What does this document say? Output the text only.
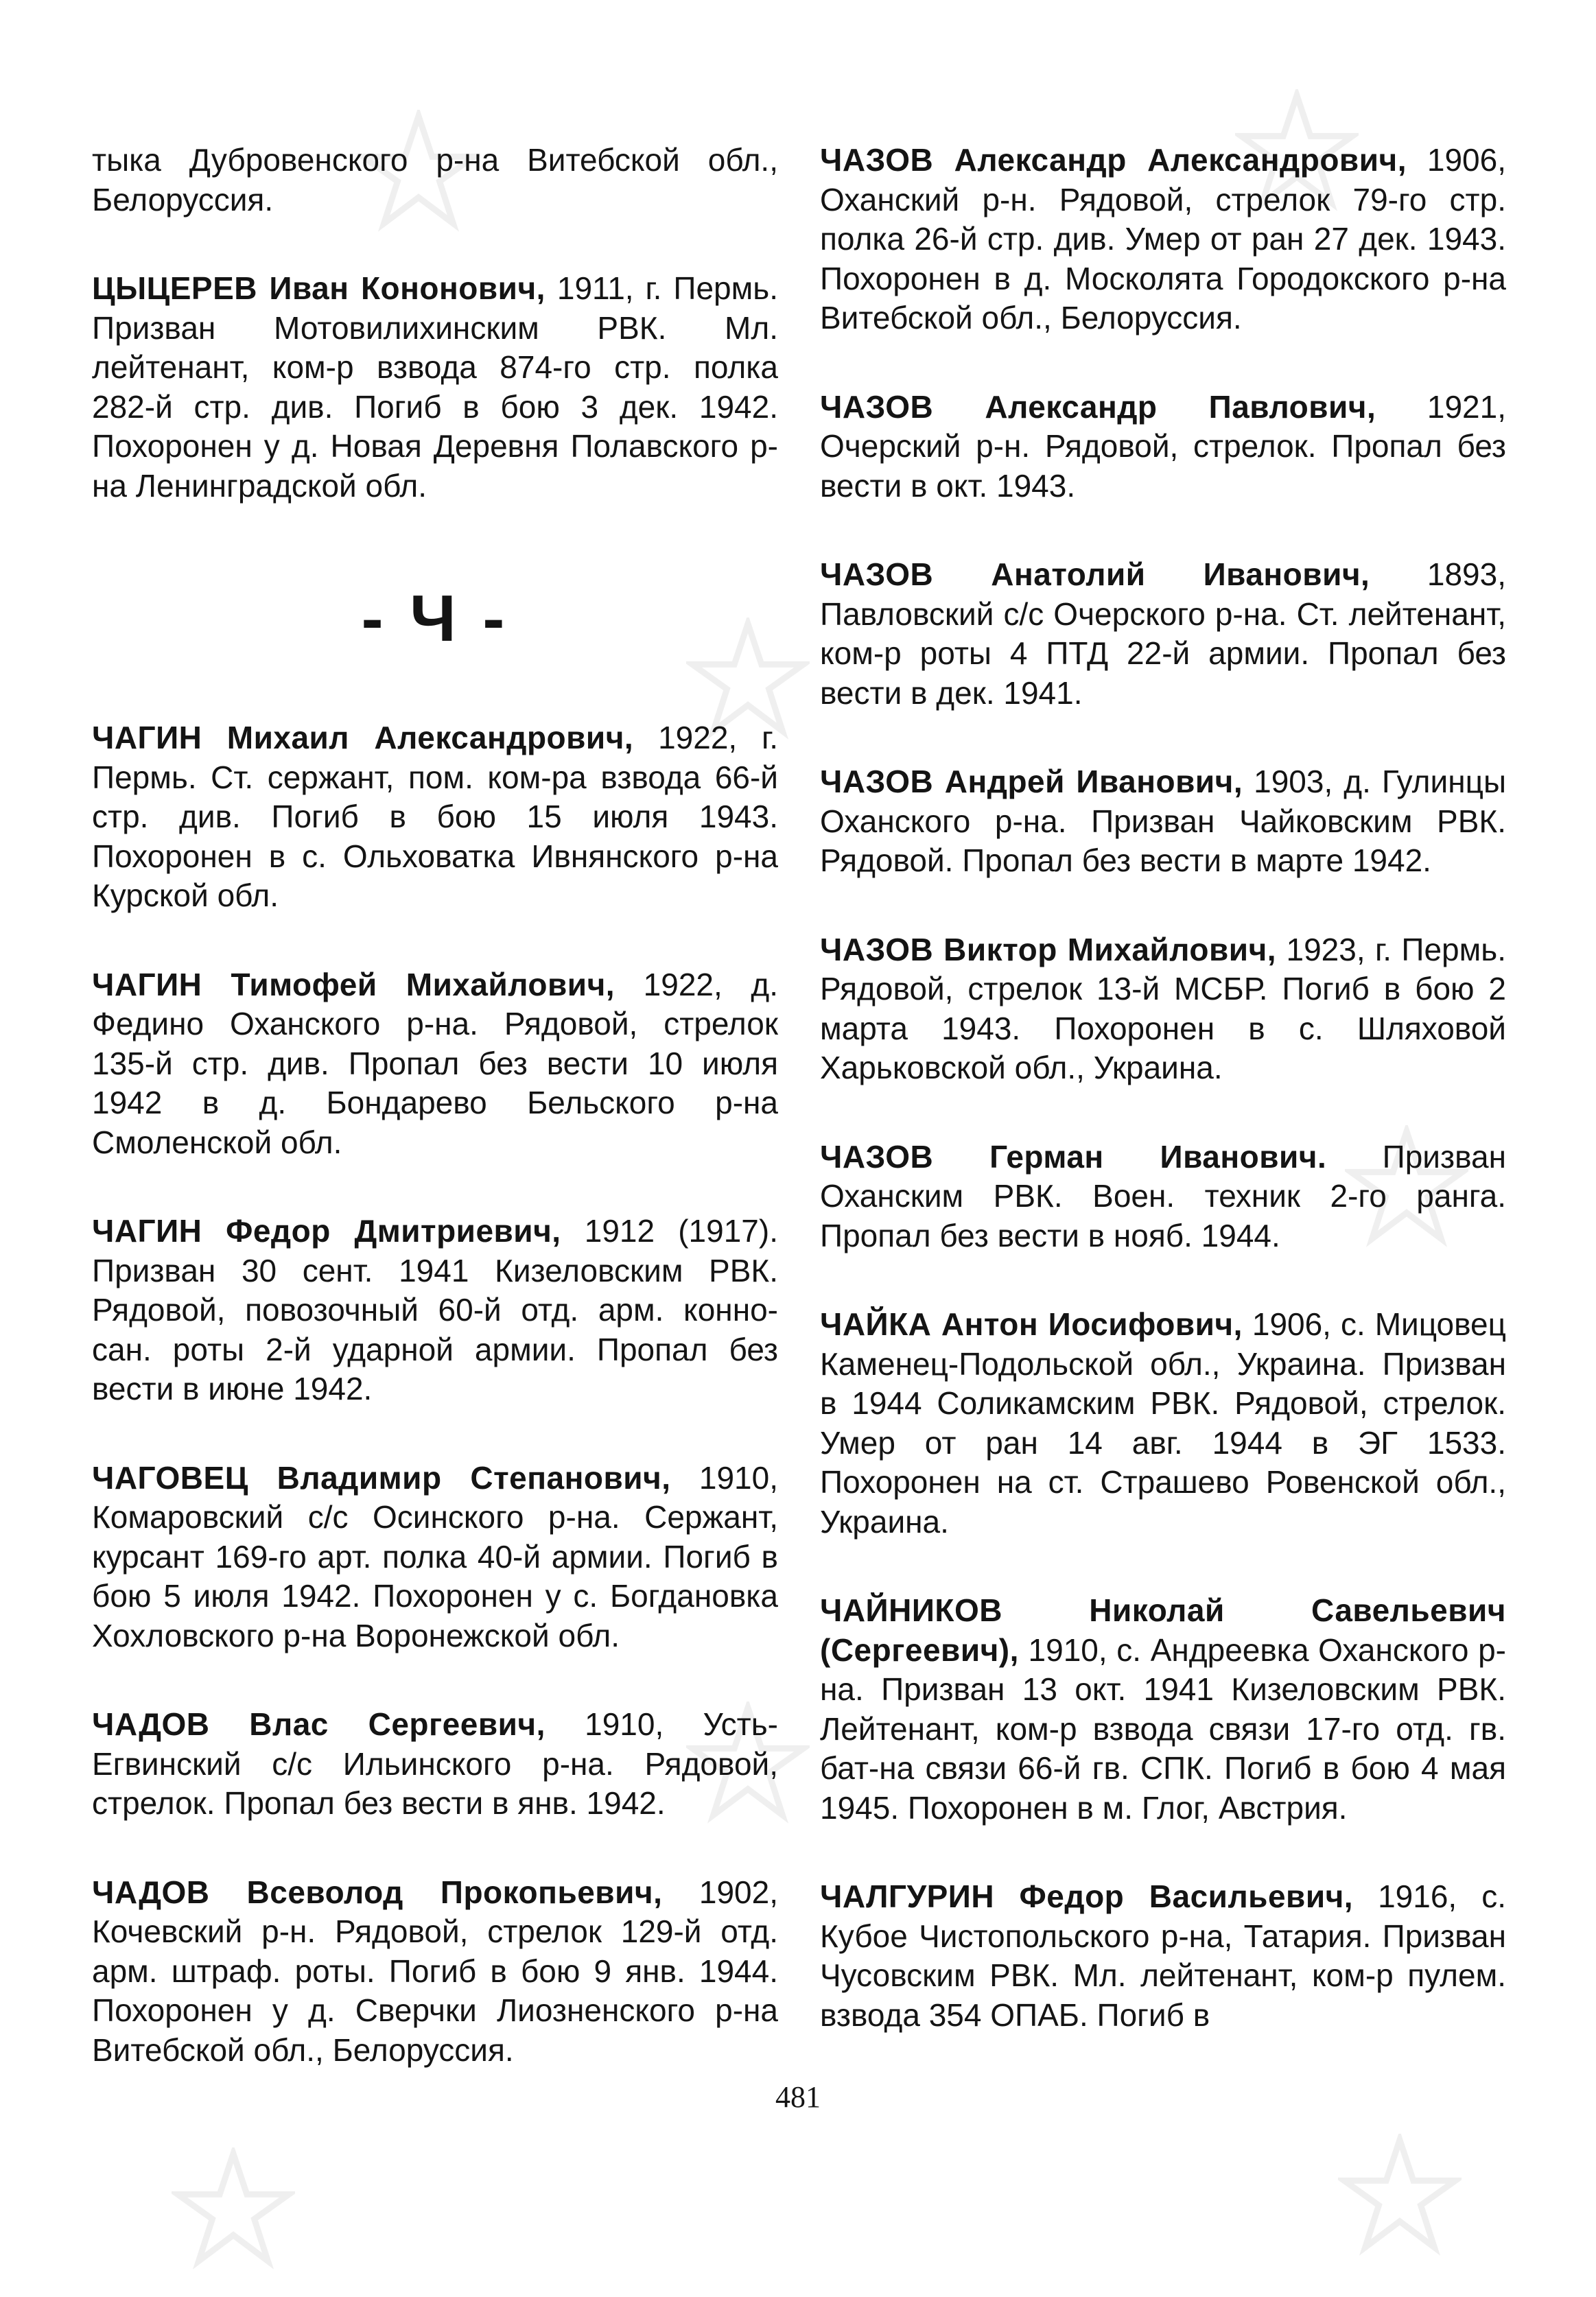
тыка Дубровенского р-на Витебской обл., Белоруссия.

ЦЫЦЕРЕВ Иван Кононович, 1911, г. Пермь. Призван Мотовилихинским РВК. Мл. лейтенант, ком-р взвода 874-го стр. полка 282-й стр. див. Погиб в бою 3 дек. 1942. Похоронен у д. Новая Деревня Полавского р-на Ленинградской обл.

- Ч -

ЧАГИН Михаил Александрович, 1922, г. Пермь. Ст. сержант, пом. ком-ра взвода 66-й стр. див. Погиб в бою 15 июля 1943. Похоронен в с. Ольховатка Ивнянского р-на Курской обл.

ЧАГИН Тимофей Михайлович, 1922, д. Федино Оханского р-на. Рядовой, стрелок 135-й стр. див. Пропал без вести 10 июля 1942 в д. Бондарево Бельского р-на Смоленской обл.

ЧАГИН Федор Дмитриевич, 1912 (1917). Призван 30 сент. 1941 Кизеловским РВК. Рядовой, повозочный 60-й отд. арм. конно-сан. роты 2-й ударной армии. Пропал без вести в июне 1942.

ЧАГОВЕЦ Владимир Степанович, 1910, Комаровский с/с Осинского р-на. Сержант, курсант 169-го арт. полка 40-й армии. Погиб в бою 5 июля 1942. Похоронен у с. Богдановка Хохловского р-на Воронежской обл.

ЧАДОВ Влас Сергеевич, 1910, Усть-Егвинский с/с Ильинского р-на. Рядовой, стрелок. Пропал без вести в янв. 1942.

ЧАДОВ Всеволод Прокопьевич, 1902, Кочевский р-н. Рядовой, стрелок 129-й отд. арм. штраф. роты. Погиб в бою 9 янв. 1944. Похоронен у д. Сверчки Лиозненского р-на Витебской обл., Белоруссия.

ЧАЗОВ Александр Александрович, 1906, Оханский р-н. Рядовой, стрелок 79-го стр. полка 26-й стр. див. Умер от ран 27 дек. 1943. Похоронен в д. Москолята Городокского р-на Витебской обл., Белоруссия.

ЧАЗОВ Александр Павлович, 1921, Очерский р-н. Рядовой, стрелок. Пропал без вести в окт. 1943.

ЧАЗОВ Анатолий Иванович, 1893, Павловский с/с Очерского р-на. Ст. лейтенант, ком-р роты 4 ПТД 22-й армии. Пропал без вести в дек. 1941.

ЧАЗОВ Андрей Иванович, 1903, д. Гулинцы Оханского р-на. Призван Чайковским РВК. Рядовой. Пропал без вести в марте 1942.

ЧАЗОВ Виктор Михайлович, 1923, г. Пермь. Рядовой, стрелок 13-й МСБР. Погиб в бою 2 марта 1943. Похоронен в с. Шляховой Харьковской обл., Украина.

ЧАЗОВ Герман Иванович. Призван Оханским РВК. Воен. техник 2-го ранга. Пропал без вести в нояб. 1944.

ЧАЙКА Антон Иосифович, 1906, с. Мицовец Каменец-Подольской обл., Украина. Призван в 1944 Соликамским РВК. Рядовой, стрелок. Умер от ран 14 авг. 1944 в ЭГ 1533. Похоронен на ст. Страшево Ровенской обл., Украина.

ЧАЙНИКОВ Николай Савельевич (Сергеевич), 1910, с. Андреевка Оханского р-на. Призван 13 окт. 1941 Кизеловским РВК. Лейтенант, ком-р взвода связи 17-го отд. гв. бат-на связи 66-й гв. СПК. Погиб в бою 4 мая 1945. Похоронен в м. Глог, Австрия.

ЧАЛГУРИН Федор Васильевич, 1916, с. Кубое Чистопольского р-на, Татария. Призван Чусовским РВК. Мл. лейтенант, ком-р пулем. взвода 354 ОПАБ. Погиб в

481
